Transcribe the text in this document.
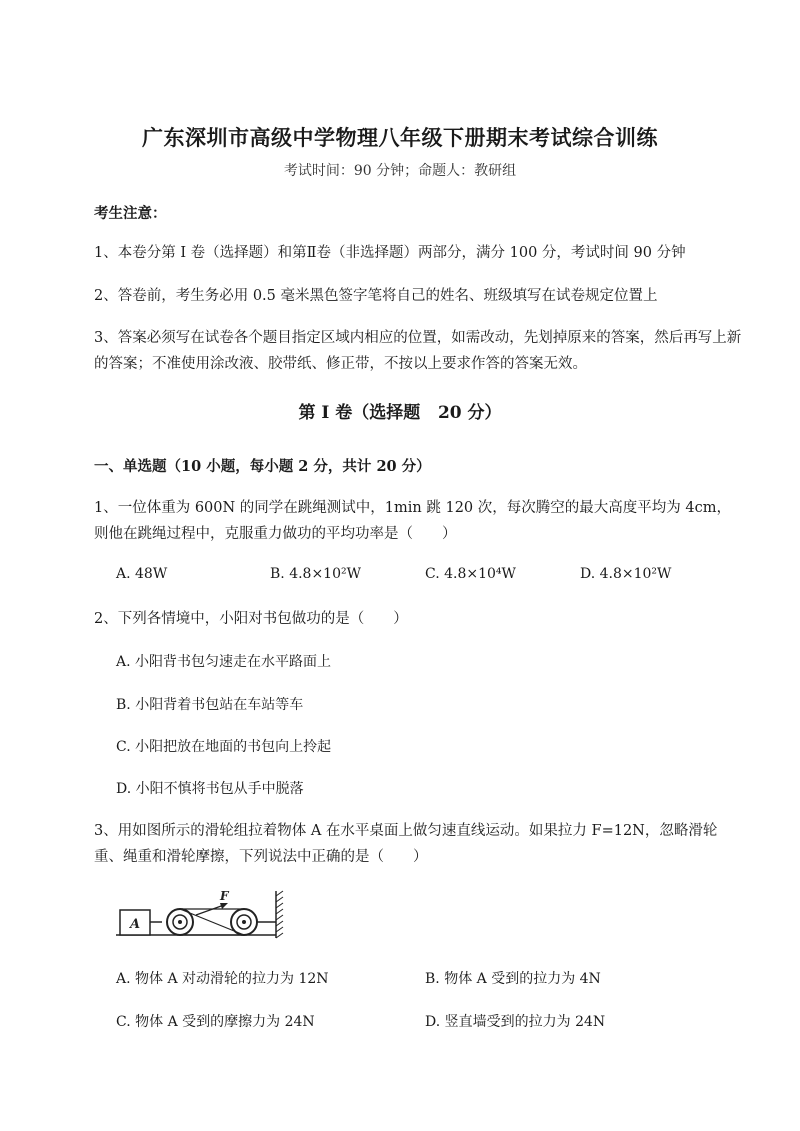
广东深圳市高级中学物理八年级下册期末考试综合训练
考试时间：90 分钟；命题人：教研组
考生注意：
1、本卷分第 I 卷（选择题）和第Ⅱ卷（非选择题）两部分，满分 100 分，考试时间 90 分钟
2、答卷前，考生务必用 0.5 毫米黑色签字笔将自己的姓名、班级填写在试卷规定位置上
3、答案必须写在试卷各个题目指定区域内相应的位置，如需改动，先划掉原来的答案，然后再写上新的答案；不准使用涂改液、胶带纸、修正带，不按以上要求作答的答案无效。
第 I 卷（选择题   20 分）
一、单选题（10 小题，每小题 2 分，共计 20 分）
1、一位体重为 600N 的同学在跳绳测试中，1min 跳 120 次，每次腾空的最大高度平均为 4cm，则他在跳绳过程中，克服重力做功的平均功率是（　　）
A. 48W	B. 4.8×10²W	C. 4.8×10⁴W	D. 4.8×10²W
2、下列各情境中，小阳对书包做功的是（　　）
A. 小阳背书包匀速走在水平路面上
B. 小阳背着书包站在车站等车
C. 小阳把放在地面的书包向上拎起
D. 小阳不慎将书包从手中脱落
3、用如图所示的滑轮组拉着物体 A 在水平桌面上做匀速直线运动。如果拉力 F=12N，忽略滑轮重、绳重和滑轮摩擦，下列说法中正确的是（　　）
A
F
A. 物体 A 对动滑轮的拉力为 12N	B. 物体 A 受到的拉力为 4N
C. 物体 A 受到的摩擦力为 24N	D. 竖直墙受到的拉力为 24N
